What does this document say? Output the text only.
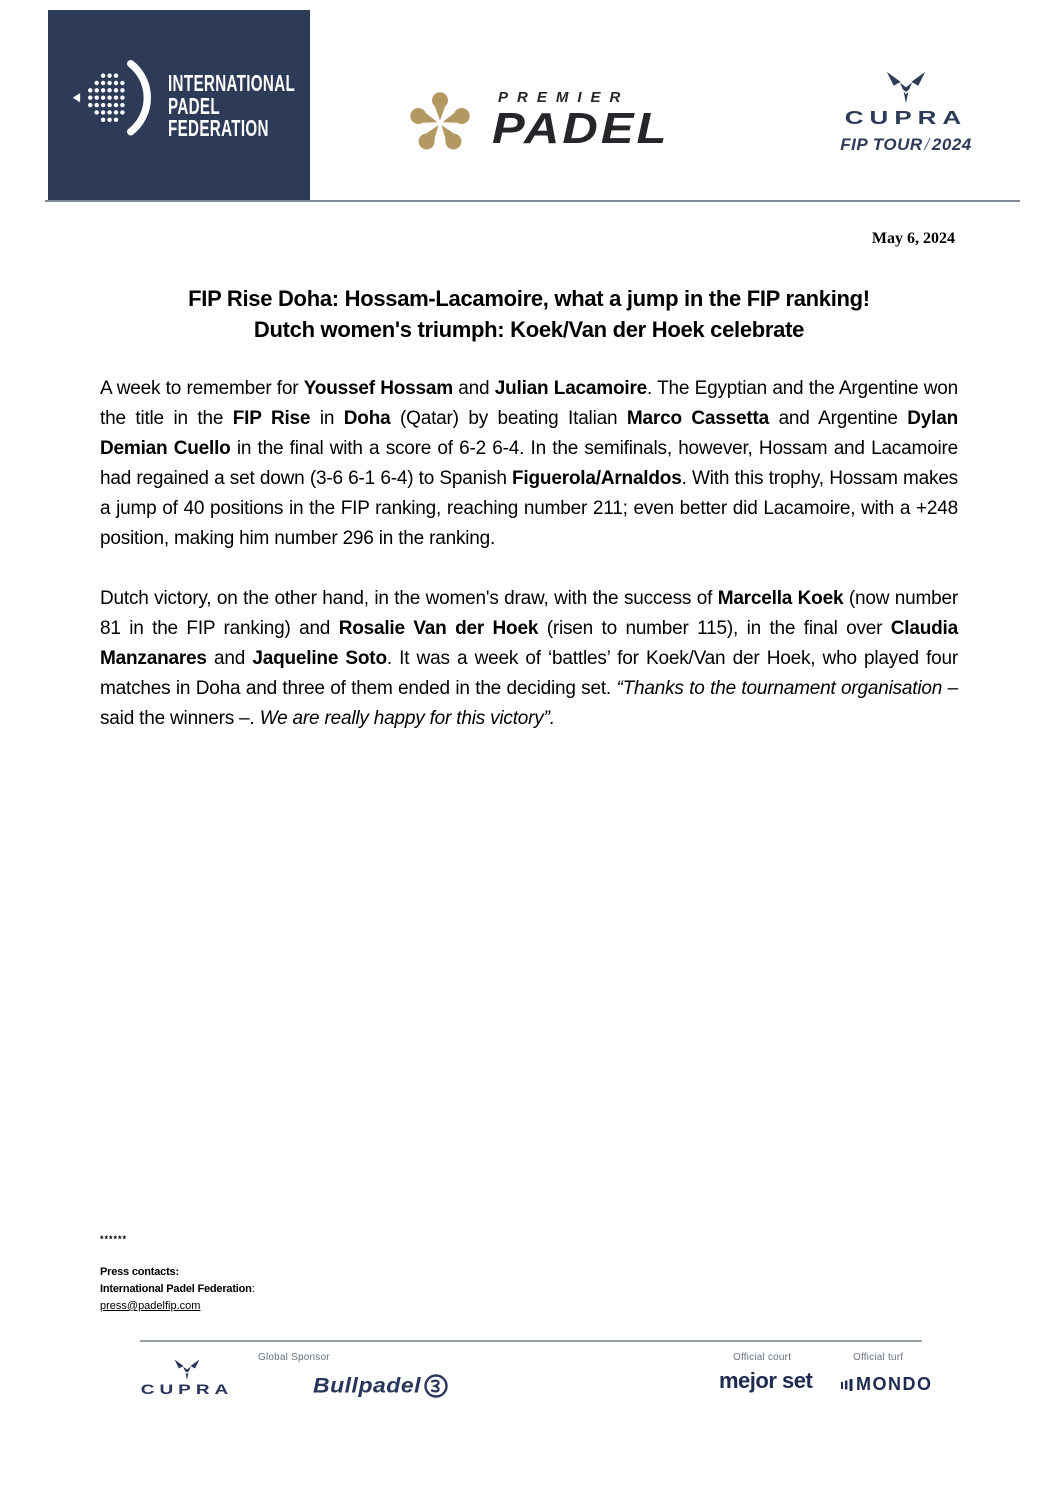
INTERNATIONAL
PADEL
FEDERATION
PREMIER
PADEL	CUPRA
FIP TOUR / 2024
May 6, 2024
FIP Rise Doha: Hossam-Lacamoire, what a jump in the FIP ranking!
Dutch women's triumph: Koek/Van der Hoek celebrate

A week to remember for Youssef Hossam and Julian Lacamoire. The Egyptian and the Argentine won the title in the FIP Rise in Doha (Qatar) by beating Italian Marco Cassetta and Argentine Dylan Demian Cuello in the final with a score of 6-2 6-4. In the semifinals, however, Hossam and Lacamoire had regained a set down (3-6 6-1 6-4) to Spanish Figuerola/Arnaldos. With this trophy, Hossam makes a jump of 40 positions in the FIP ranking, reaching number 211; even better did Lacamoire, with a +248 position, making him number 296 in the ranking.

Dutch victory, on the other hand, in the women's draw, with the success of Marcella Koek (now number 81 in the FIP ranking) and Rosalie Van der Hoek (risen to number 115), in the final over Claudia Manzanares and Jaqueline Soto. It was a week of ‘battles’ for Koek/Van der Hoek, who played four matches in Doha and three of them ended in the deciding set. “Thanks to the tournament organisation – said the winners –. We are really happy for this victory”.

******
Press contacts:
International Padel Federation:
press@padelfip.com
CUPRA
Global Sponsor
Bullpadel
Official court
mejor set
Official turf
MONDO
